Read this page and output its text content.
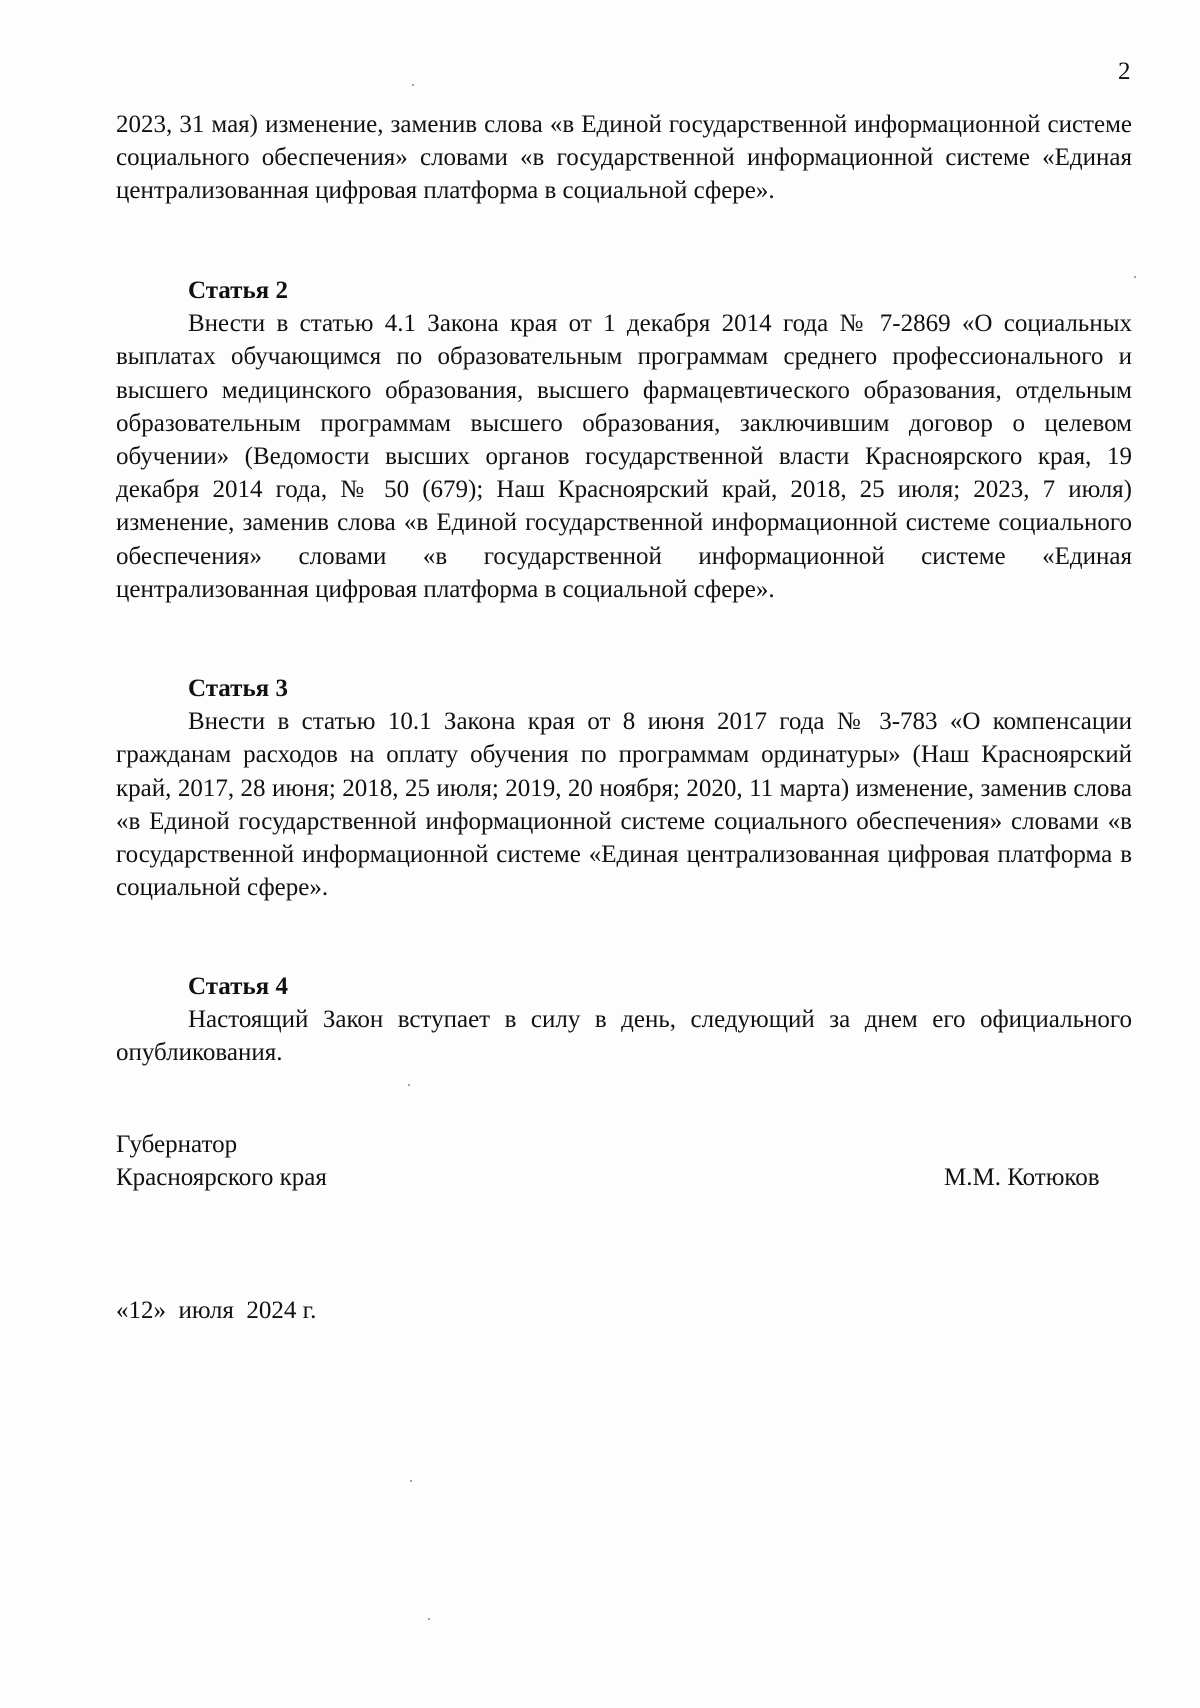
2
2023, 31 мая) изменение, заменив слова «в Единой государственной информационной системе социального обеспечения» словами «в государственной информационной системе «Единая централизованная цифровая платформа в социальной сфере».
Статья 2

Внести в статью 4.1 Закона края от 1 декабря 2014 года № 7-2869 «О социальных выплатах обучающимся по образовательным программам среднего профессионального и высшего медицинского образования, высшего фармацевтического образования, отдельным образовательным программам высшего образования, заключившим договор о целевом обучении» (Ведомости высших органов государственной власти Красноярского края, 19 декабря 2014 года, № 50 (679); Наш Красноярский край, 2018, 25 июля; 2023, 7 июля) изменение, заменив слова «в Единой государственной информационной системе социального обеспечения» словами «в государственной информационной системе «Единая централизованная цифровая платформа в социальной сфере».

Статья 3

Внести в статью 10.1 Закона края от 8 июня 2017 года № 3-783 «О компенсации гражданам расходов на оплату обучения по программам ординатуры» (Наш Красноярский край, 2017, 28 июня; 2018, 25 июля; 2019, 20 ноября; 2020, 11 марта) изменение, заменив слова «в Единой государственной информационной системе социального обеспечения» словами «в государственной информационной системе «Единая централизованная цифровая платформа в социальной сфере».

Статья 4

Настоящий Закон вступает в силу в день, следующий за днем его официального опубликования.

Губернатор
Красноярского края	М.М. Котюков
«12»  июля  2024 г.
